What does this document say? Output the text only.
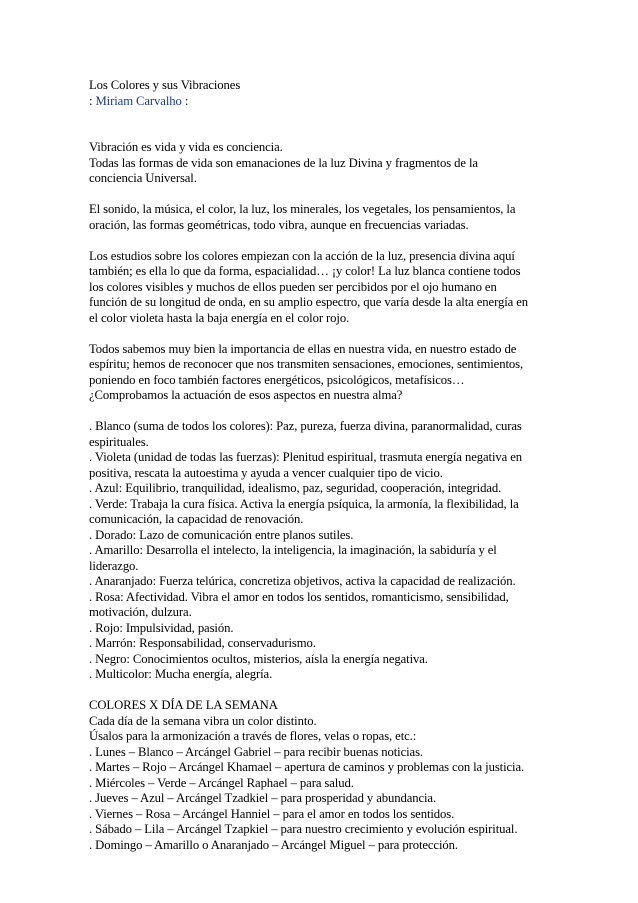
Los Colores y sus Vibraciones
: Miriam Carvalho :
Vibración es vida y vida es conciencia.
Todas las formas de vida son emanaciones de la luz Divina y fragmentos de la
conciencia Universal.
El sonido, la música, el color, la luz, los minerales, los vegetales, los pensamientos, la
oración, las formas geométricas, todo vibra, aunque en frecuencias variadas.
Los estudios sobre los colores empiezan con la acción de la luz, presencia divina aquí
también; es ella lo que da forma, espacialidad… ¡y color! La luz blanca contiene todos
los colores visibles y muchos de ellos pueden ser percibidos por el ojo humano en
función de su longitud de onda, en su amplio espectro, que varía desde la alta energía en
el color violeta hasta la baja energía en el color rojo.
Todos sabemos muy bien la importancia de ellas en nuestra vida, en nuestro estado de
espíritu; hemos de reconocer que nos transmiten sensaciones, emociones, sentimientos,
poniendo en foco también factores energéticos, psicológicos, metafísicos…
¿Comprobamos la actuación de esos aspectos en nuestra alma?
. Blanco (suma de todos los colores): Paz, pureza, fuerza divina, paranormalidad, curas
espirituales.
. Violeta (unidad de todas las fuerzas): Plenitud espiritual, trasmuta energía negativa en
positiva, rescata la autoestima y ayuda a vencer cualquier tipo de vicio.
. Azul: Equilibrio, tranquilidad, idealismo, paz, seguridad, cooperación, integridad.
. Verde: Trabaja la cura física. Activa la energía psíquica, la armonía, la flexibilidad, la
comunicación, la capacidad de renovación.
. Dorado: Lazo de comunicación entre planos sutiles.
. Amarillo: Desarrolla el intelecto, la inteligencia, la imaginación, la sabiduría y el
liderazgo.
. Anaranjado: Fuerza telúrica, concretiza objetivos, activa la capacidad de realización.
. Rosa: Afectividad. Vibra el amor en todos los sentidos, romanticismo, sensibilidad,
motivación, dulzura.
. Rojo: Impulsividad, pasión.
. Marrón: Responsabilidad, conservadurismo.
. Negro: Conocimientos ocultos, misterios, aísla la energía negativa.
. Multicolor: Mucha energía, alegría.
COLORES X DÍA DE LA SEMANA
Cada día de la semana vibra un color distinto.
Úsalos para la armonización a través de flores, velas o ropas, etc.:
. Lunes – Blanco – Arcángel Gabriel – para recibir buenas noticias.
. Martes – Rojo – Arcángel Khamael – apertura de caminos y problemas con la justicia.
. Miércoles – Verde – Arcángel Raphael – para salud.
. Jueves – Azul – Arcángel Tzadkiel – para prosperidad y abundancia.
. Viernes – Rosa – Arcángel Hanniel – para el amor en todos los sentidos.
. Sábado – Lila – Arcángel Tzapkiel – para nuestro crecimiento y evolución espiritual.
. Domingo – Amarillo o Anaranjado – Arcángel Miguel – para protección.
